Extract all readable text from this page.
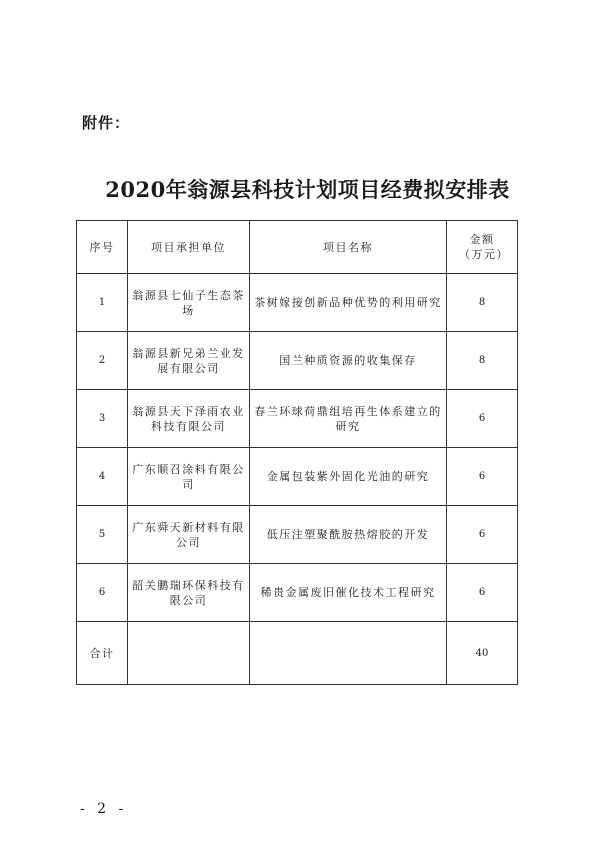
附件：
2020年翁源县科技计划项目经费拟安排表
序号	项目承担单位	项目名称	金额（万元）
1	翁源县七仙子生态茶场	茶树嫁接创新品种优势的利用研究	8
2	翁源县新兄弟兰业发展有限公司	国兰种质资源的收集保存	8
3	翁源县天下泽雨农业科技有限公司	春兰环球荷鼎组培再生体系建立的研究	6
4	广东顺召涂料有限公司	金属包装紫外固化光油的研究	6
5	广东舜天新材料有限公司	低压注塑聚酰胺热熔胶的开发	6
6	韶关鹏瑞环保科技有限公司	稀贵金属废旧催化技术工程研究	6
合计			40
- 2 -
